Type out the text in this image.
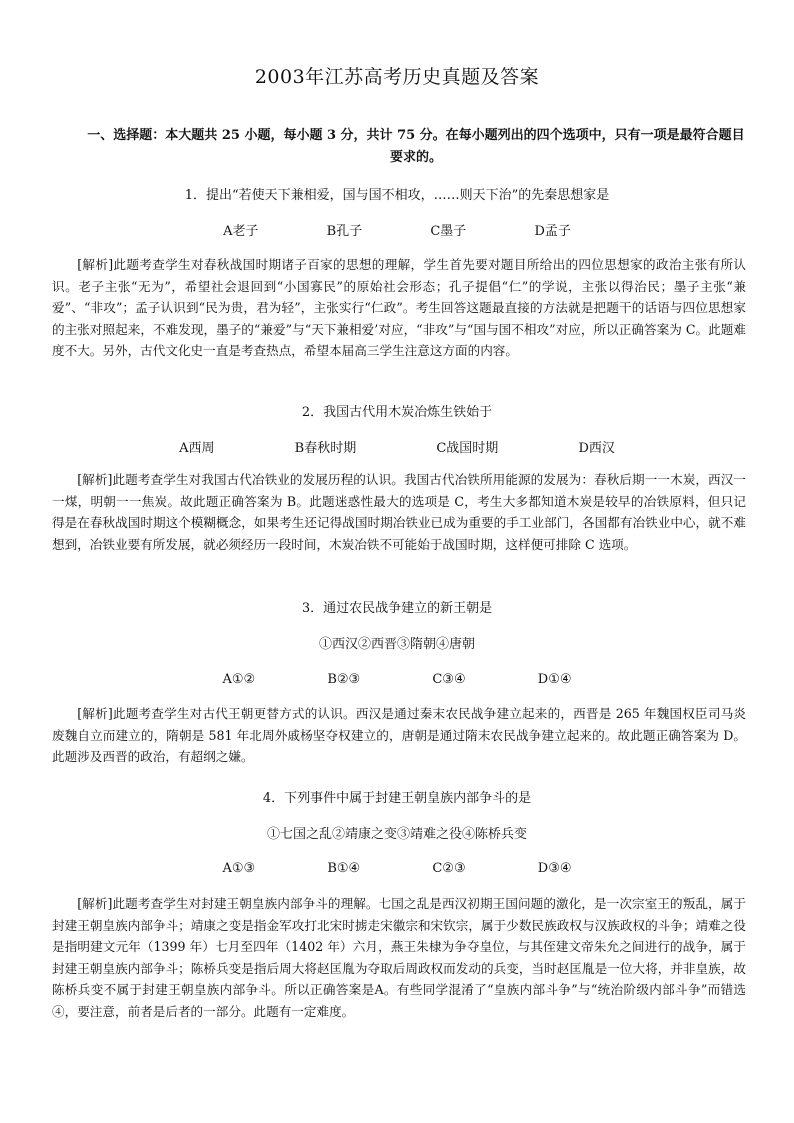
2003年江苏高考历史真题及答案
一、选择题：本大题共 25 小题，每小题 3 分，共计 75 分。在每小题列出的四个选项中，只有一项是最符合题目要求的。
1．提出“若使天下兼相爱，国与国不相攻，……则天下治”的先秦思想家是
A老子	B孔子	C墨子	D孟子
[解析]此题考查学生对春秋战国时期诸子百家的思想的理解，学生首先要对题目所给出的四位思想家的政治主张有所认识。老子主张“无为”，希望社会退回到“小国寡民”的原始社会形态；孔子提倡“仁”的学说，主张以得治民；墨子主张“兼爱”、“非攻”；孟子认识到“民为贵，君为轻”，主张实行“仁政”。考生回答这题最直接的方法就是把题干的话语与四位思想家的主张对照起来，不难发现，墨子的“兼爱”与“天下兼相爱’对应，“非攻”与“国与国不相攻”对应，所以正确答案为 C。此题难度不大。另外，古代文化史一直是考查热点，希望本届高三学生注意这方面的内容。
2．我国古代用木炭冶炼生铁始于
A西周	B春秋时期	C战国时期	D西汉
[解析]此题考查学生对我国古代冶铁业的发展历程的认识。我国古代冶铁所用能源的发展为：春秋后期一一木炭，西汉一一煤，明朝一一焦炭。故此题正确答案为 B。此题迷惑性最大的选项是 C，考生大多都知道木炭是较早的冶铁原料，但只记得是在春秋战国时期这个模糊概念，如果考生还记得战国时期冶铁业已成为重要的手工业部门，各国都有冶铁业中心，就不难想到，冶铁业要有所发展，就必须经历一段时间，木炭冶铁不可能始于战国时期，这样便可排除 C 选项。
3．通过农民战争建立的新王朝是
①西汉②西晋③隋朝④唐朝
A①②	B②③	C③④	D①④
[解析]此题考查学生对古代王朝更替方式的认识。西汉是通过秦末农民战争建立起来的，西晋是 265 年魏国权臣司马炎废魏自立而建立的，隋朝是 581 年北周外戚杨坚夺权建立的，唐朝是通过隋末农民战争建立起来的。故此题正确答案为 D。此题涉及西晋的政治，有超纲之嫌。
4．下列事件中属于封建王朝皇族内部争斗的是
①七国之乱②靖康之变③靖难之役④陈桥兵变
A①③	B①④	C②③	D③④
[解析]此题考查学生对封建王朝皇族内部争斗的理解。七国之乱是西汉初期王国问题的激化，是一次宗室王的叛乱，属于封建王朝皇族内部争斗；靖康之变是指金军攻打北宋时掳走宋徽宗和宋钦宗，属于少数民族政权与汉族政权的斗争；靖难之役是指明建文元年（1399 年）七月至四年（1402 年）六月，燕王朱棣为争夺皇位，与其侄建文帝朱允之间进行的战争，属于封建王朝皇族内部争斗；陈桥兵变是指后周大将赵匡胤为夺取后周政权而发动的兵变，当时赵匡胤是一位大将，并非皇族，故陈桥兵变不属于封建王朝皇族内部争斗。所以正确答案是A。有些同学混淆了“皇族内部斗争”与“统治阶级内部斗争”而错选④，要注意，前者是后者的一部分。此题有一定难度。
